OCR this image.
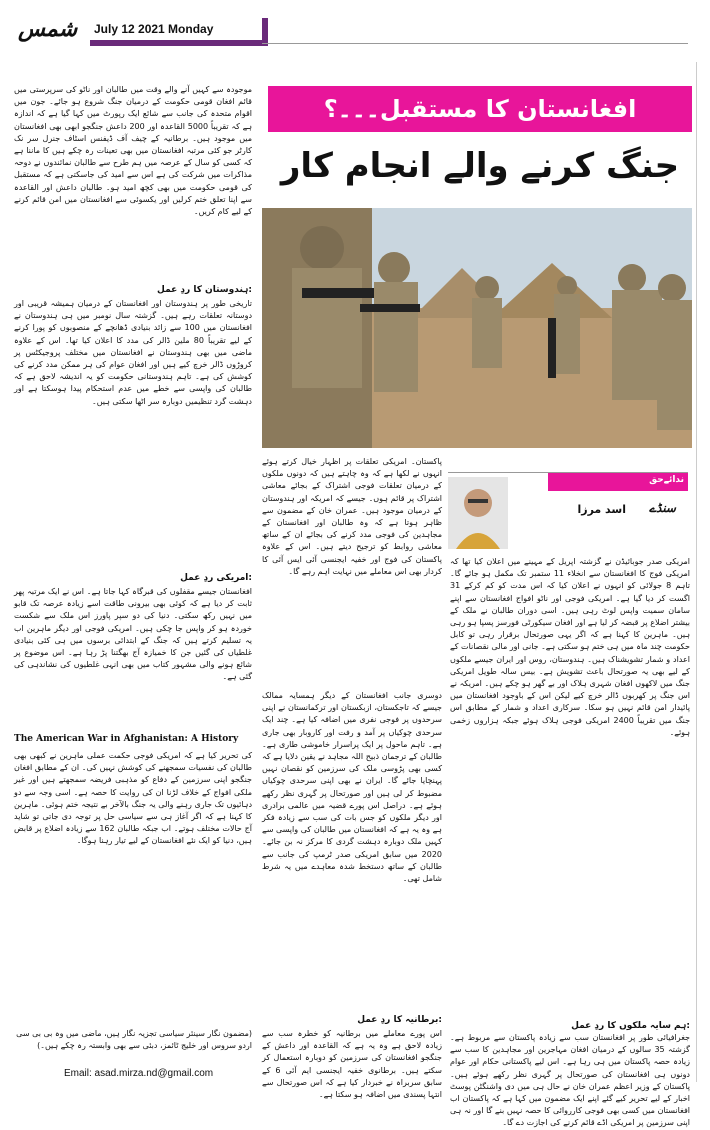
شمس July 12 2021 Monday
موجودہ سے کہیں آنے والے وقت میں طالبان اور ناٹو کی سرپرستی میں قائم افغان قومی حکومت کے درمیان جنگ شروع ہو جائے۔ جون میں اقوام متحدہ کی جانب سے شائع ایک رپورٹ میں کہا گیا ہے کہ اندازہ ہے کہ تقریباً 5000 القاعدہ اور 200 داعش جنگجو ابھی بھی افغانستان میں موجود ہیں۔ برطانیہ کے چیف آف ڈیفنس اسٹاف جنرل سر نک کارٹر جو کئی مرتبہ افغانستان میں بھی تعینات رہ چکے ہیں کا ماننا ہے کہ کسی کو سال کے عرصہ میں ہم طرح سے طالبان نمائندوں نے دوحہ مذاکرات میں شرکت کی ہے اس سے امید کی جاسکتی ہے کہ مستقبل کی قومی حکومت میں بھی کچھ امید ہو۔ طالبان داعش اور القاعدہ سے اپنا تعلق ختم کرلیں اور یکسوئی سے افغانستان میں امن قائم کرنے کے لیے کام کریں۔
ہندوستان کا ردِ عمل:
تاریخی طور پر ہندوستان اور افغانستان کے درمیان ہمیشہ قریبی اور دوستانہ تعلقات رہے ہیں۔ گزشتہ سال نومبر میں ہی ہندوستان نے افغانستان میں 100 سے زائد بنیادی ڈھانچے کے منصوبوں کو پورا کرنے کے لیے تقریباً 80 ملین ڈالر کی مدد کا اعلان کیا تھا۔ اس کے علاوہ ماضی میں بھی ہندوستان نے افغانستان میں مختلف پروجیکٹس پر کروڑوں ڈالر خرچ کیے ہیں اور افغان عوام کی ہر ممکن مدد کرنے کی کوشش کی ہے۔ تاہم ہندوستانی حکومت کو یہ اندیشہ لاحق ہے کہ طالبان کی واپسی سے خطے میں عدم استحکام پیدا ہوسکتا ہے اور دہشت گرد تنظیمیں دوبارہ سر اٹھا سکتی ہیں۔
امریکی ردِ عمل:
افغانستان جیسے مقفلوں کی قبرگاہ کہا جاتا ہے۔ اس نے ایک مرتبہ پھر ثابت کر دیا ہے کہ کوئی بھی بیرونی طاقت اسے زیادہ عرصہ تک قابو میں نہیں رکھ سکتی۔ دنیا کی دو سپر پاورز اس ملک سے شکست خوردہ ہو کر واپس جا چکی ہیں۔ امریکی فوجی اور دیگر ماہرین اب یہ تسلیم کرتے ہیں کہ جنگ کے ابتدائی برسوں میں ہی کئی بنیادی غلطیاں کی گئیں جن کا خمیازہ آج بھگتنا پڑ رہا ہے۔ اس موضوع پر شائع ہونے والی مشہور کتاب میں بھی انہی غلطیوں کی نشاندہی کی گئی ہے۔
The American War in Afghanistan: A History
کی تحریر کیا ہے کہ امریکی فوجی حکمت عملی ماہرین نے کبھی بھی طالبان کی نفسیات سمجھنے کی کوشش نہیں کی۔ ان کے مطابق افغان جنگجو اپنی سرزمین کے دفاع کو مذہبی فریضہ سمجھتے ہیں اور غیر ملکی افواج کے خلاف لڑنا ان کی روایت کا حصہ ہے۔ اسی وجہ سے دو دہائیوں تک جاری رہنے والی یہ جنگ بالآخر بے نتیجہ ختم ہوئی۔ ماہرین کا کہنا ہے کہ اگر آغاز ہی سے سیاسی حل پر توجہ دی جاتی تو شاید آج حالات مختلف ہوتے۔ اب جبکہ طالبان 162 سے زیادہ اضلاع پر قابض ہیں، دنیا کو ایک نئے افغانستان کے لیے تیار رہنا ہوگا۔
(مضمون نگار سینئر سیاسی تجزیہ نگار ہیں، ماضی میں وہ بی بی سی اردو سروس اور خلیج ٹائمز، دبئی سے بھی وابستہ رہ چکے ہیں۔)
Email: asad.mirza.nd@gmail.com
افغانستان کا مستقبل۔۔۔؟
جنگ کرنے والے انجام کار
پاکستان۔ امریکی تعلقات پر اظہار خیال کرتے ہوئے انہوں نے لکھا ہے کہ وہ چاہتے ہیں کہ دونوں ملکوں کے درمیان تعلقات فوجی اشتراک کے بجائے معاشی اشتراک پر قائم ہوں۔ جیسے کہ امریکہ اور ہندوستان کے درمیان موجود ہیں۔ عمران خان کے مضمون سے ظاہر ہوتا ہے کہ وہ طالبان اور افغانستان کے مجاہدین کی فوجی مدد کرنے کی بجائے ان کے ساتھ معاشی روابط کو ترجیح دیتے ہیں۔ اس کے علاوہ پاکستان کی فوج اور خفیہ ایجنسی آئی ایس آئی کا کردار بھی اس معاملے میں نہایت اہم رہے گا۔
دوسری جانب افغانستان کے دیگر ہمسایہ ممالک جیسے کہ تاجکستان، ازبکستان اور ترکمانستان نے اپنی سرحدوں پر فوجی نفری میں اضافہ کیا ہے۔ چند ایک سرحدی چوکیاں پر آمد و رفت اور کاروبار بھی جاری ہے۔ تاہم ماحول پر ایک پراسرار خاموشی طاری ہے۔ طالبان کے ترجمان ذبیح اللہ مجاہد نے یقین دلایا ہے کہ کسی بھی پڑوسی ملک کی سرزمین کو نقصان نہیں پہنچایا جائے گا۔ ایران نے بھی اپنی سرحدی چوکیاں مضبوط کر لی ہیں اور صورتحال پر گہری نظر رکھے ہوئے ہے۔ دراصل اس پورے قضیہ میں عالمی برادری اور دیگر ملکوں کو جس بات کی سب سے زیادہ فکر ہے وہ یہ ہے کہ افغانستان میں طالبان کی واپسی سے کہیں ملک دوبارہ دہشت گردی کا مرکز نہ بن جائے۔ 2020 میں سابق امریکی صدر ٹرمپ کی جانب سے طالبان کے ساتھ دستخط شدہ معاہدے میں یہ شرط شامل تھی۔
برطانیہ کا ردِ عمل:
اس پورے معاملے میں برطانیہ کو خطرہ سب سے زیادہ لاحق ہے وہ یہ ہے کہ القاعدہ اور داعش کے جنگجو افغانستان کی سرزمین کو دوبارہ استعمال کر سکتے ہیں۔ برطانوی خفیہ ایجنسی ایم آئی 6 کے سابق سربراہ نے خبردار کیا ہے کہ اس صورتحال سے انتہا پسندی میں اضافہ ہو سکتا ہے۔
ندائےحق
اسد مرزا سنڈے
امریکی صدر جوبائیڈن نے گزشتہ اپریل کے مہینے میں اعلان کیا تھا کہ امریکی فوج کا افغانستان سے انخلاء 11 ستمبر تک مکمل ہو جائے گا۔ تاہم 8 جولائی کو انہوں نے اعلان کیا کہ اس مدت کو کم کرکے 31 اگست کر دیا گیا ہے۔ امریکی فوجی اور ناٹو افواج افغانستان سے اپنے سامان سمیت واپس لوٹ رہی ہیں۔ اسی دوران طالبان نے ملک کے بیشتر اضلاع پر قبضہ کر لیا ہے اور افغان سیکورٹی فورسز پسپا ہو رہی ہیں۔ ماہرین کا کہنا ہے کہ اگر یہی صورتحال برقرار رہی تو کابل حکومت چند ماہ میں ہی ختم ہو سکتی ہے۔ جانی اور مالی نقصانات کے اعداد و شمار تشویشناک ہیں۔ ہندوستان، روس اور ایران جیسے ملکوں کے لیے بھی یہ صورتحال باعث تشویش ہے۔ بیس سالہ طویل امریکی جنگ میں لاکھوں افغان شہری ہلاک اور بے گھر ہو چکے ہیں۔ امریکہ نے اس جنگ پر کھربوں ڈالر خرچ کیے لیکن اس کے باوجود افغانستان میں پائیدار امن قائم نہیں ہو سکا۔ سرکاری اعداد و شمار کے مطابق اس جنگ میں تقریباً 2400 امریکی فوجی ہلاک ہوئے جبکہ ہزاروں زخمی ہوئے۔
ہم سایہ ملکوں کا ردِ عمل:
جغرافیائی طور پر افغانستان سب سے زیادہ پاکستان سے مربوط ہے۔ گزشتہ 35 سالوں کے درمیان افغان مہاجرین اور مجاہدین کا سب سے زیادہ حصہ پاکستان میں ہی رہا ہے۔ اس لیے پاکستانی حکام اور عوام دونوں ہی افغانستان کی صورتحال پر گہری نظر رکھے ہوئے ہیں۔ پاکستان کے وزیر اعظم عمران خان نے حال ہی میں دی واشنگٹن پوسٹ اخبار کے لیے تحریر کیے گئے اپنے ایک مضمون میں کہا ہے کہ پاکستان اب افغانستان میں کسی بھی فوجی کارروائی کا حصہ نہیں بنے گا اور نہ ہی اپنی سرزمین پر امریکی اڈے قائم کرنے کی اجازت دے گا۔
